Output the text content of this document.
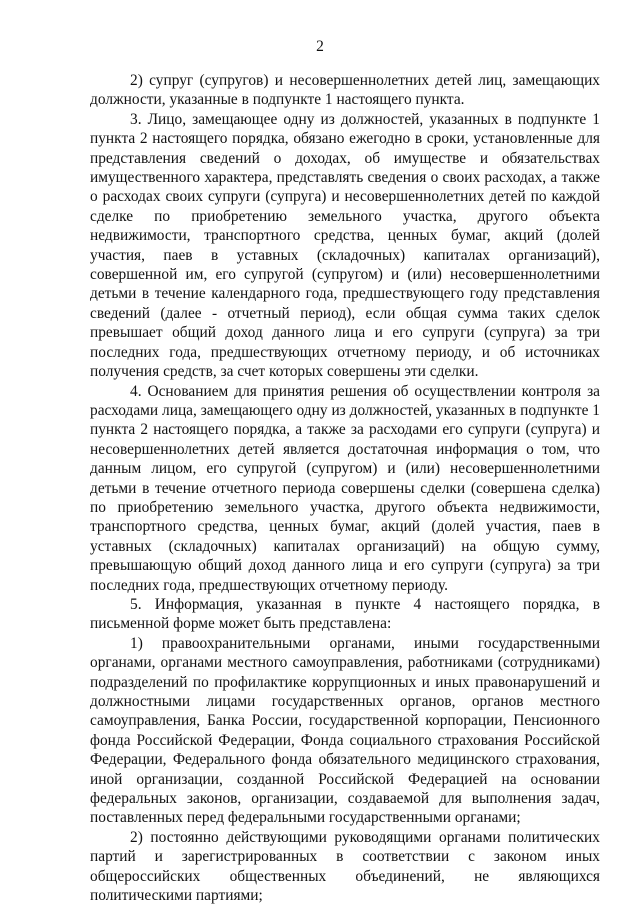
2

2) супруг (супругов) и несовершеннолетних детей лиц, замещающих должности, указанные в подпункте 1 настоящего пункта.

3. Лицо, замещающее одну из должностей, указанных в подпункте 1 пункта 2 настоящего порядка, обязано ежегодно в сроки, установленные для представления сведений о доходах, об имуществе и обязательствах имущественного характера, представлять сведения о своих расходах, а также о расходах своих супруги (супруга) и несовершеннолетних детей по каждой сделке по приобретению земельного участка, другого объекта недвижимости, транспортного средства, ценных бумаг, акций (долей участия, паев в уставных (складочных) капиталах организаций), совершенной им, его супругой (супругом) и (или) несовершеннолетними детьми в течение календарного года, предшествующего году представления сведений (далее - отчетный период), если общая сумма таких сделок превышает общий доход данного лица и его супруги (супруга) за три последних года, предшествующих отчетному периоду, и об источниках получения средств, за счет которых совершены эти сделки.

4. Основанием для принятия решения об осуществлении контроля за расходами лица, замещающего одну из должностей, указанных в подпункте 1 пункта 2 настоящего порядка, а также за расходами его супруги (супруга) и несовершеннолетних детей является достаточная информация о том, что данным лицом, его супругой (супругом) и (или) несовершеннолетними детьми в течение отчетного периода совершены сделки (совершена сделка) по приобретению земельного участка, другого объекта недвижимости, транспортного средства, ценных бумаг, акций (долей участия, паев в уставных (складочных) капиталах организаций) на общую сумму, превышающую общий доход данного лица и его супруги (супруга) за три последних года, предшествующих отчетному периоду.

5. Информация, указанная в пункте 4 настоящего порядка, в письменной форме может быть представлена:

1) правоохранительными органами, иными государственными органами, органами местного самоуправления, работниками (сотрудниками) подразделений по профилактике коррупционных и иных правонарушений и должностными лицами государственных органов, органов местного самоуправления, Банка России, государственной корпорации, Пенсионного фонда Российской Федерации, Фонда социального страхования Российской Федерации, Федерального фонда обязательного медицинского страхования, иной организации, созданной Российской Федерацией на основании федеральных законов, организации, создаваемой для выполнения задач, поставленных перед федеральными государственными органами;

2) постоянно действующими руководящими органами политических партий и зарегистрированных в соответствии с законом иных общероссийских общественных объединений, не являющихся политическими партиями;
